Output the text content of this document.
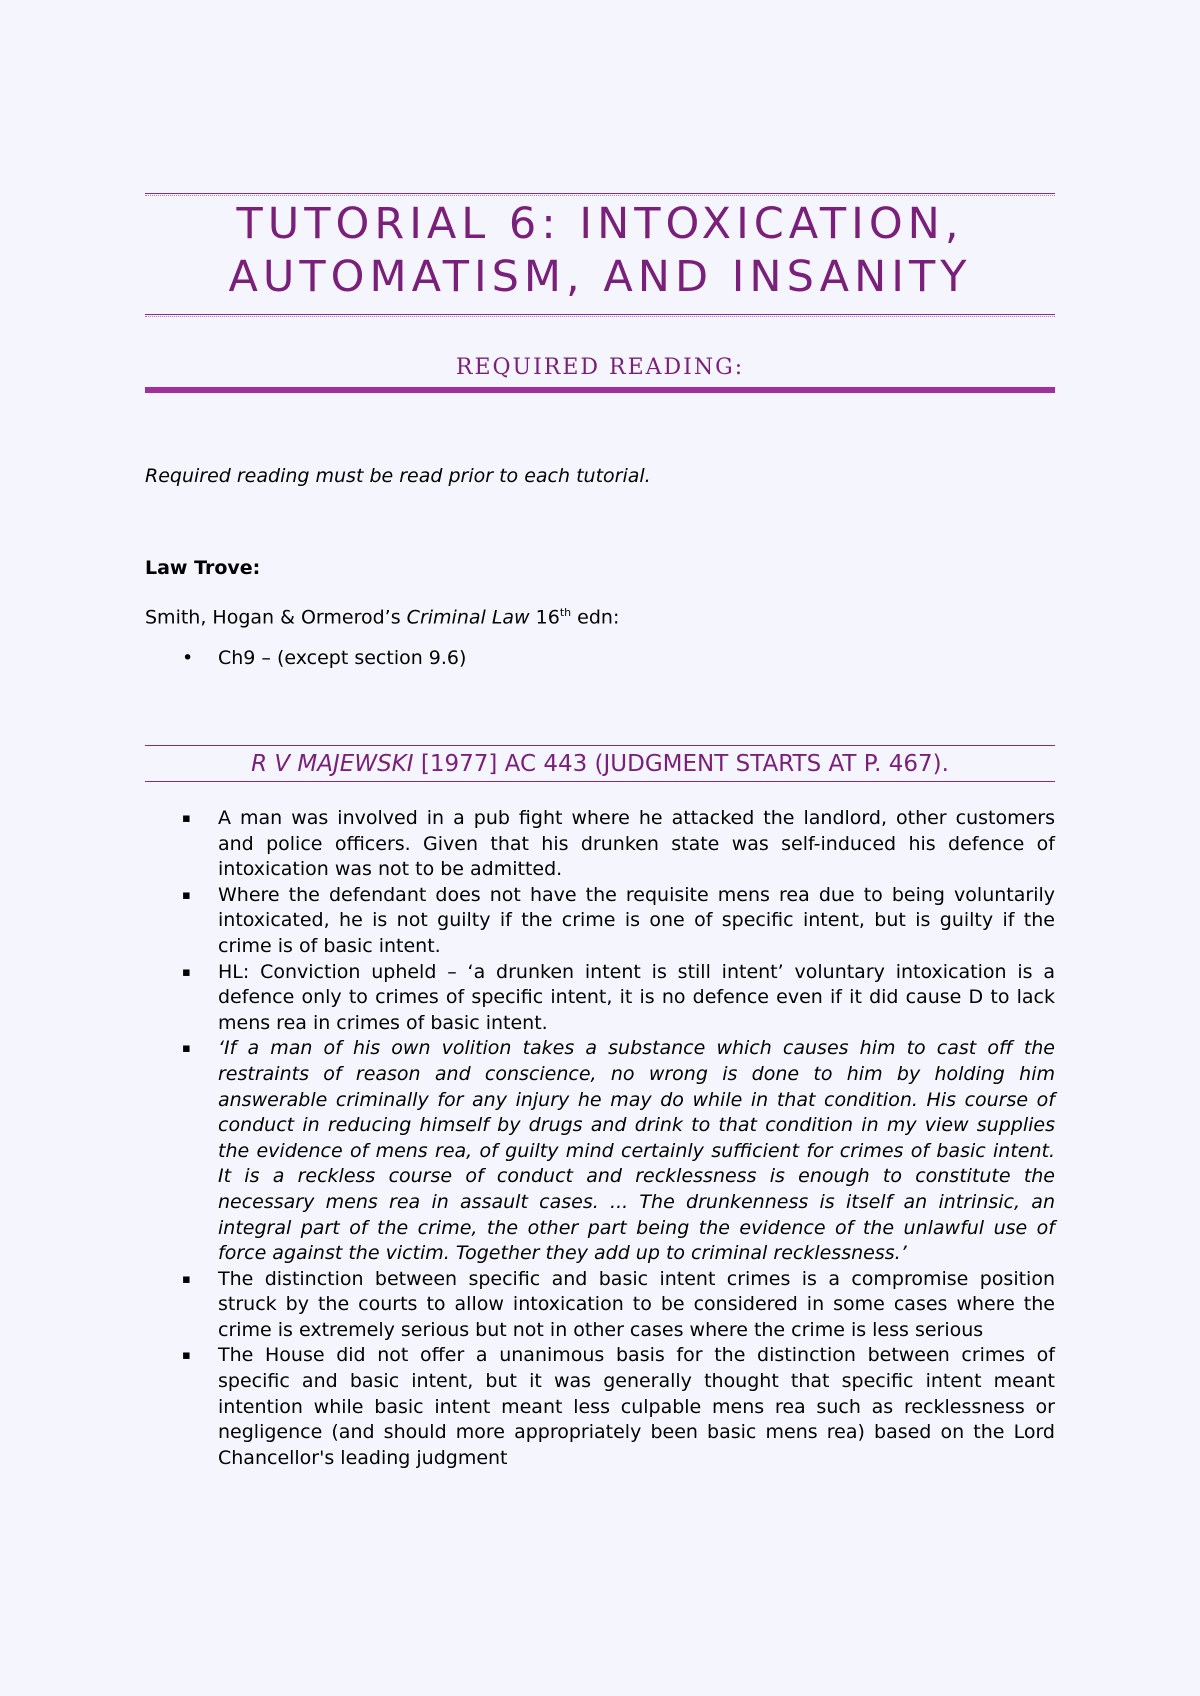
TUTORIAL 6: INTOXICATION,
AUTOMATISM, AND INSANITY
REQUIRED READING:
Required reading must be read prior to each tutorial.
Law Trove:
Smith, Hogan & Ormerod’s Criminal Law 16th edn:
• Ch9 – (except section 9.6)
R V MAJEWSKI [1977] AC 443 (JUDGMENT STARTS AT P. 467).
▪ A man was involved in a pub fight where he attacked the landlord, other customers and police officers. Given that his drunken state was self-induced his defence of intoxication was not to be admitted.
▪ Where the defendant does not have the requisite mens rea due to being voluntarily intoxicated, he is not guilty if the crime is one of specific intent, but is guilty if the crime is of basic intent.
▪ HL: Conviction upheld – ‘a drunken intent is still intent’ voluntary intoxication is a defence only to crimes of specific intent, it is no defence even if it did cause D to lack mens rea in crimes of basic intent.
▪ ‘If a man of his own volition takes a substance which causes him to cast off the restraints of reason and conscience, no wrong is done to him by holding him answerable criminally for any injury he may do while in that condition. His course of conduct in reducing himself by drugs and drink to that condition in my view supplies the evidence of mens rea, of guilty mind certainly sufficient for crimes of basic intent. It is a reckless course of conduct and recklessness is enough to constitute the necessary mens rea in assault cases. ... The drunkenness is itself an intrinsic, an integral part of the crime, the other part being the evidence of the unlawful use of force against the victim. Together they add up to criminal recklessness.’
▪ The distinction between specific and basic intent crimes is a compromise position struck by the courts to allow intoxication to be considered in some cases where the crime is extremely serious but not in other cases where the crime is less serious
▪ The House did not offer a unanimous basis for the distinction between crimes of specific and basic intent, but it was generally thought that specific intent meant intention while basic intent meant less culpable mens rea such as recklessness or negligence (and should more appropriately been basic mens rea) based on the Lord Chancellor's leading judgment
